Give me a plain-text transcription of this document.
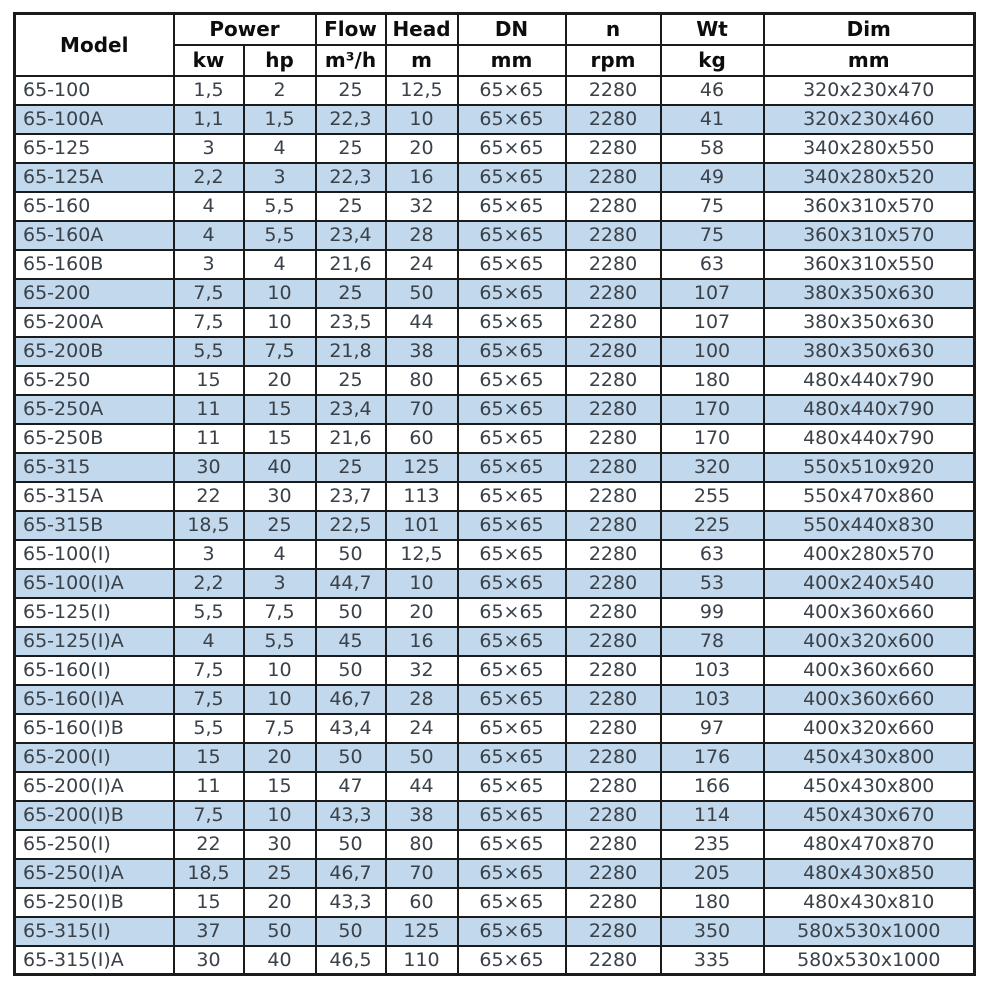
Model	Power		Flow	Head	DN	n	Wt	Dim
	kw	hp	m³/h	m	mm	rpm	kg	mm
65-100	1,5	2	25	12,5	65×65	2280	46	320x230x470
65-100A	1,1	1,5	22,3	10	65×65	2280	41	320x230x460
65-125	3	4	25	20	65×65	2280	58	340x280x550
65-125A	2,2	3	22,3	16	65×65	2280	49	340x280x520
65-160	4	5,5	25	32	65×65	2280	75	360x310x570
65-160A	4	5,5	23,4	28	65×65	2280	75	360x310x570
65-160B	3	4	21,6	24	65×65	2280	63	360x310x550
65-200	7,5	10	25	50	65×65	2280	107	380x350x630
65-200A	7,5	10	23,5	44	65×65	2280	107	380x350x630
65-200B	5,5	7,5	21,8	38	65×65	2280	100	380x350x630
65-250	15	20	25	80	65×65	2280	180	480x440x790
65-250A	11	15	23,4	70	65×65	2280	170	480x440x790
65-250B	11	15	21,6	60	65×65	2280	170	480x440x790
65-315	30	40	25	125	65×65	2280	320	550x510x920
65-315A	22	30	23,7	113	65×65	2280	255	550x470x860
65-315B	18,5	25	22,5	101	65×65	2280	225	550x440x830
65-100(I)	3	4	50	12,5	65×65	2280	63	400x280x570
65-100(I)A	2,2	3	44,7	10	65×65	2280	53	400x240x540
65-125(I)	5,5	7,5	50	20	65×65	2280	99	400x360x660
65-125(I)A	4	5,5	45	16	65×65	2280	78	400x320x600
65-160(I)	7,5	10	50	32	65×65	2280	103	400x360x660
65-160(I)A	7,5	10	46,7	28	65×65	2280	103	400x360x660
65-160(I)B	5,5	7,5	43,4	24	65×65	2280	97	400x320x660
65-200(I)	15	20	50	50	65×65	2280	176	450x430x800
65-200(I)A	11	15	47	44	65×65	2280	166	450x430x800
65-200(I)B	7,5	10	43,3	38	65×65	2280	114	450x430x670
65-250(I)	22	30	50	80	65×65	2280	235	480x470x870
65-250(I)A	18,5	25	46,7	70	65×65	2280	205	480x430x850
65-250(I)B	15	20	43,3	60	65×65	2280	180	480x430x810
65-315(I)	37	50	50	125	65×65	2280	350	580x530x1000
65-315(I)A	30	40	46,5	110	65×65	2280	335	580x530x1000
